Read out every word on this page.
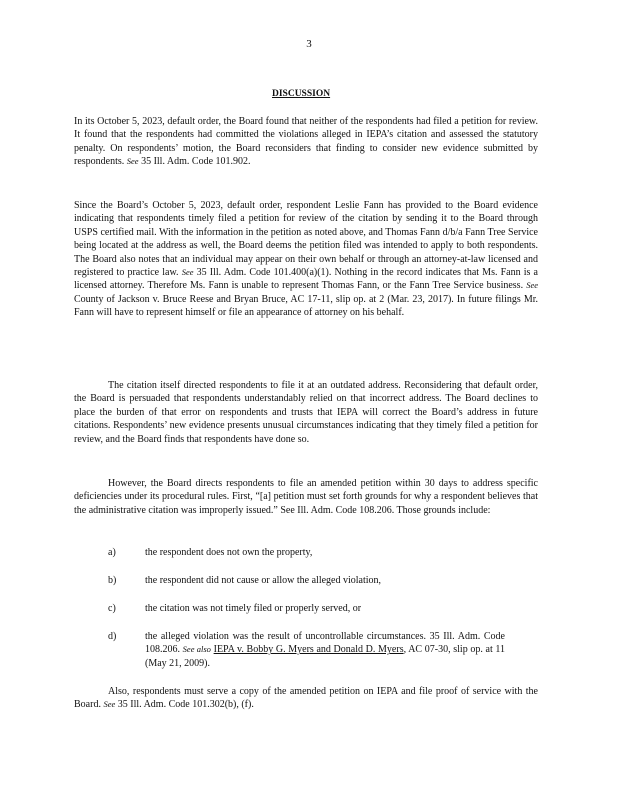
3
DISCUSSION

In its October 5, 2023, default order, the Board found that neither of the respondents had filed a petition for review. It found that the respondents had committed the violations alleged in IEPA’s citation and assessed the statutory penalty. On respondents’ motion, the Board reconsiders that finding to consider new evidence submitted by respondents. See 35 Ill. Adm. Code 101.902.

Since the Board’s October 5, 2023, default order, respondent Leslie Fann has provided to the Board evidence indicating that respondents timely filed a petition for review of the citation by sending it to the Board through USPS certified mail. With the information in the petition as noted above, and Thomas Fann d/b/a Fann Tree Service being located at the address as well, the Board deems the petition filed was intended to apply to both respondents. The Board also notes that an individual may appear on their own behalf or through an attorney-at-law licensed and registered to practice law. See 35 Ill. Adm. Code 101.400(a)(1). Nothing in the record indicates that Ms. Fann is a licensed attorney. Therefore Ms. Fann is unable to represent Thomas Fann, or the Fann Tree Service business. See County of Jackson v. Bruce Reese and Bryan Bruce, AC 17-11, slip op. at 2 (Mar. 23, 2017). In future filings Mr. Fann will have to represent himself or file an appearance of attorney on his behalf.

The citation itself directed respondents to file it at an outdated address. Reconsidering that default order, the Board is persuaded that respondents understandably relied on that incorrect address. The Board declines to place the burden of that error on respondents and trusts that IEPA will correct the Board’s address in future citations. Respondents’ new evidence presents unusual circumstances indicating that they timely filed a petition for review, and the Board finds that respondents have done so.

However, the Board directs respondents to file an amended petition within 30 days to address specific deficiencies under its procedural rules. First, “[a] petition must set forth grounds for why a respondent believes that the administrative citation was improperly issued.” See Ill. Adm. Code 108.206. Those grounds include:

a)	the respondent does not own the property,
b)	the respondent did not cause or allow the alleged violation,
c)	the citation was not timely filed or properly served, or
d)	the alleged violation was the result of uncontrollable circumstances. 35 Ill. Adm. Code 108.206. See also IEPA v. Bobby G. Myers and Donald D. Myers, AC 07-30, slip op. at 11 (May 21, 2009).

Also, respondents must serve a copy of the amended petition on IEPA and file proof of service with the Board. See 35 Ill. Adm. Code 101.302(b), (f).
